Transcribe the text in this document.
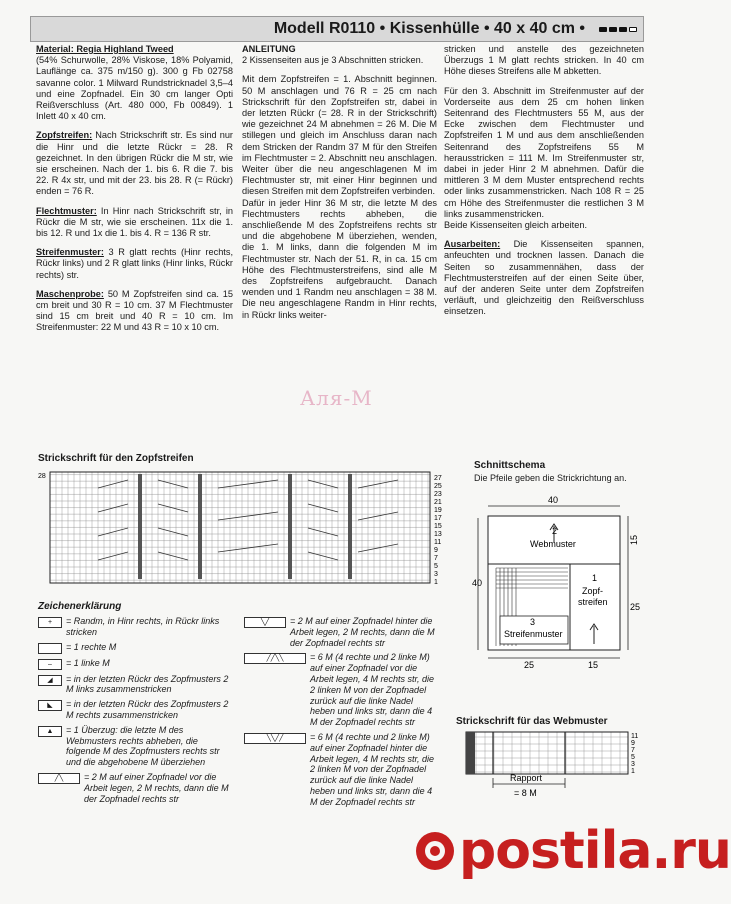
Modell R0110 • Kissenhülle • 40 x 40 cm •

Material: Regia Highland Tweed
(54% Schurwolle, 28% Viskose, 18% Polyamid, Lauflänge ca. 375 m/150 g). 300 g Fb 02758 savanne color. 1 Milward Rundstricknadel 3,5–4 und eine Zopfnadel. Ein 30 cm langer Opti Reißverschluss (Art. 480 000, Fb 00849). 1 Inlett 40 x 40 cm.

Zopfstreifen: Nach Strickschrift str. Es sind nur die Hinr und die letzte Rückr = 28. R gezeichnet. In den übrigen Rückr die M str, wie sie erscheinen. Nach der 1. bis 6. R die 7. bis 22. R 4x str, und mit der 23. bis 28. R (= Rückr) enden = 76 R.

Flechtmuster: In Hinr nach Strickschrift str, in Rückr die M str, wie sie erscheinen. 11x die 1. bis 12. R und 1x die 1. bis 4. R = 136 R str.

Streifenmuster: 3 R glatt rechts (Hinr rechts, Rückr links) und 2 R glatt links (Hinr links, Rückr rechts) str.

Maschenprobe: 50 M Zopfstreifen sind ca. 15 cm breit und 30 R = 10 cm. 37 M Flechtmuster sind 15 cm breit und 40 R = 10 cm. Im Streifenmuster: 22 M und 43 R = 10 x 10 cm.

ANLEITUNG

2 Kissenseiten aus je 3 Abschnitten stricken.

Mit dem Zopfstreifen = 1. Abschnitt beginnen. 50 M anschlagen und 76 R = 25 cm nach Strickschrift für den Zopfstreifen str, dabei in der letzten Rückr (= 28. R in der Strickschrift) wie gezeichnet 24 M abnehmen = 26 M. Die M stillegen und gleich im Anschluss daran nach dem Stricken der Randm 37 M für den Streifen im Flechtmuster = 2. Abschnitt neu anschlagen. Weiter über die neu angeschlagenen M im Flechtmuster str, mit einer Hinr beginnen und diesen Streifen mit dem Zopfstreifen verbinden.

Dafür in jeder Hinr 36 M str, die letzte M des Flechtmusters rechts abheben, die anschließende M des Zopfstreifens rechts str und die abgehobene M überziehen, wenden, die 1. M links, dann die folgenden M im Flechtmuster str. Nach der 51. R, in ca. 15 cm Höhe des Flechtmusterstreifens, sind alle M des Zopfstreifens aufgebraucht. Danach wenden und 1 Randm neu anschlagen = 38 M. Die neu angeschlagene Randm in Hinr rechts, in Rückr links weiter-

stricken und anstelle des gezeichneten Überzugs 1 M glatt rechts stricken. In 40 cm Höhe dieses Streifens alle M abketten.

Für den 3. Abschnitt im Streifenmuster auf der Vorderseite aus dem 25 cm hohen linken Seitenrand des Flechtmusters 55 M, aus der Ecke zwischen dem Flechtmuster und Zopfstreifen 1 M und aus dem anschließenden Seitenrand des Zopfstreifens 55 M herausstricken = 111 M. Im Streifenmuster str, dabei in jeder Hinr 2 M abnehmen. Dafür die mittleren 3 M dem Muster entsprechend rechts oder links zusammenstricken. Nach 108 R = 25 cm Höhe des Streifenmuster die restlichen 3 M links zusammenstricken.

Beide Kissenseiten gleich arbeiten.

Ausarbeiten: Die Kissenseiten spannen, anfeuchten und trocknen lassen. Danach die Seiten so zusammennähen, dass der Flechtmusterstreifen auf der einen Seite über, auf der anderen Seite unter dem Zopfstreifen verläuft, und gleichzeitig den Reißverschluss einsetzen.

Аля-М
Strickschrift für den Zopfstreifen
28	27
25
23
21
19
17
15
13
11
9
7
5
3
1
Schnittschema
Die Pfeile geben die Strickrichtung an.
40
40
2
Webmuster
3
Streifenmuster
1
Zopf-
streifen
15
25
25	15
Zeichenerklärung
+	= Randm, in Hinr rechts, in Rückr links stricken
= 1 rechte M
–	= 1 linke M
◢	= in der letzten Rückr des Zopfmusters 2 M links zusammenstricken
◣	= in der letzten Rückr des Zopfmusters 2 M rechts zusammenstricken
▲	= 1 Überzug: die letzte M des Webmusters rechts abheben, die folgende M des Zopfmusters rechts str und die abgehobene M überziehen
╱╲	= 2 M auf einer Zopfnadel vor die Arbeit legen, 2 M rechts, dann die M der Zopfnadel rechts str
╲╱	= 2 M auf einer Zopfnadel hinter die Arbeit legen, 2 M rechts, dann die M der Zopfnadel rechts str
╱╱╲╲	= 6 M (4 rechte und 2 linke M) auf einer Zopfnadel vor die Arbeit legen, 4 M rechts str, die 2 linken M von der Zopfnadel zurück auf die linke Nadel heben und links str, dann die 4 M der Zopfnadel rechts str
╲╲╱╱	= 6 M (4 rechte und 2 linke M) auf einer Zopfnadel hinter die Arbeit legen, 4 M rechts str, die 2 linken M von der Zopfnadel zurück auf die linke Nadel heben und links str, dann die 4 M der Zopfnadel rechts str
Strickschrift für das Webmuster
11
9
7
5
3
1
Rapport
= 8 M
postila.ru
